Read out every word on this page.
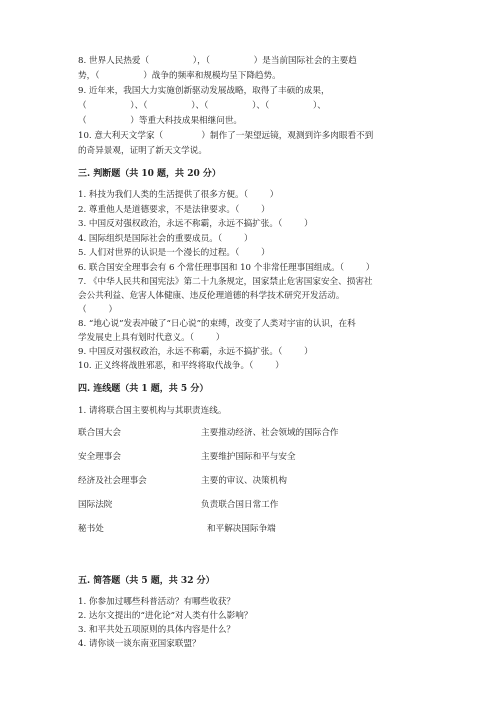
8. 世界人民热爱（                ），（                ）是当前国际社会的主要趋
势，（                ）战争的频率和规模均呈下降趋势。
9. 近年来，我国大力实施创新驱动发展战略，取得了丰硕的成果，
（                ）、（                ）、（                ）、（                ）、
（                ）等重大科技成果相继问世。
10. 意大利天文学家（              ）制作了一架望远镜，观测到许多肉眼看不到
的奇异景观，证明了新天文学说。
三. 判断题（共 10 题，共 20 分）
1. 科技为我们人类的生活提供了很多方便。（        ）
2. 尊重他人是道德要求，不是法律要求。（        ）
3. 中国反对强权政治，永远不称霸，永远不搞扩张。（        ）
4. 国际组织是国际社会的重要成员。（        ）
5. 人们对世界的认识是一个漫长的过程。（        ）
6. 联合国安全理事会有 6 个常任理事国和 10 个非常任理事国组成。（        ）
7. 《中华人民共和国宪法》第二十九条规定，国家禁止危害国家安全、损害社
会公共利益、危害人体健康、违反伦理道德的科学技术研究开发活动。
（        ）
8. “地心说”发表冲破了“日心说”的束缚，改变了人类对宇宙的认识，在科
学发展史上具有划时代意义。（        ）
9. 中国反对强权政治，永远不称霸，永远不搞扩张。（        ）
10. 正义终将战胜邪恶，和平终将取代战争。（        ）
四. 连线题（共 1 题，共 5 分）
1. 请将联合国主要机构与其职责连线。
联合国大会
安全理事会
经济及社会理事会
国际法院
秘书处
主要推动经济、社会领域的国际合作
主要维护国际和平与安全
主要的审议、决策机构
负责联合国日常工作
和平解决国际争端
五. 简答题（共 5 题，共 32 分）
1. 你参加过哪些科普活动？有哪些收获？
2. 达尔文提出的“进化论”对人类有什么影响？
3. 和平共处五项原则的具体内容是什么？
4. 请你谈一谈东南亚国家联盟？
